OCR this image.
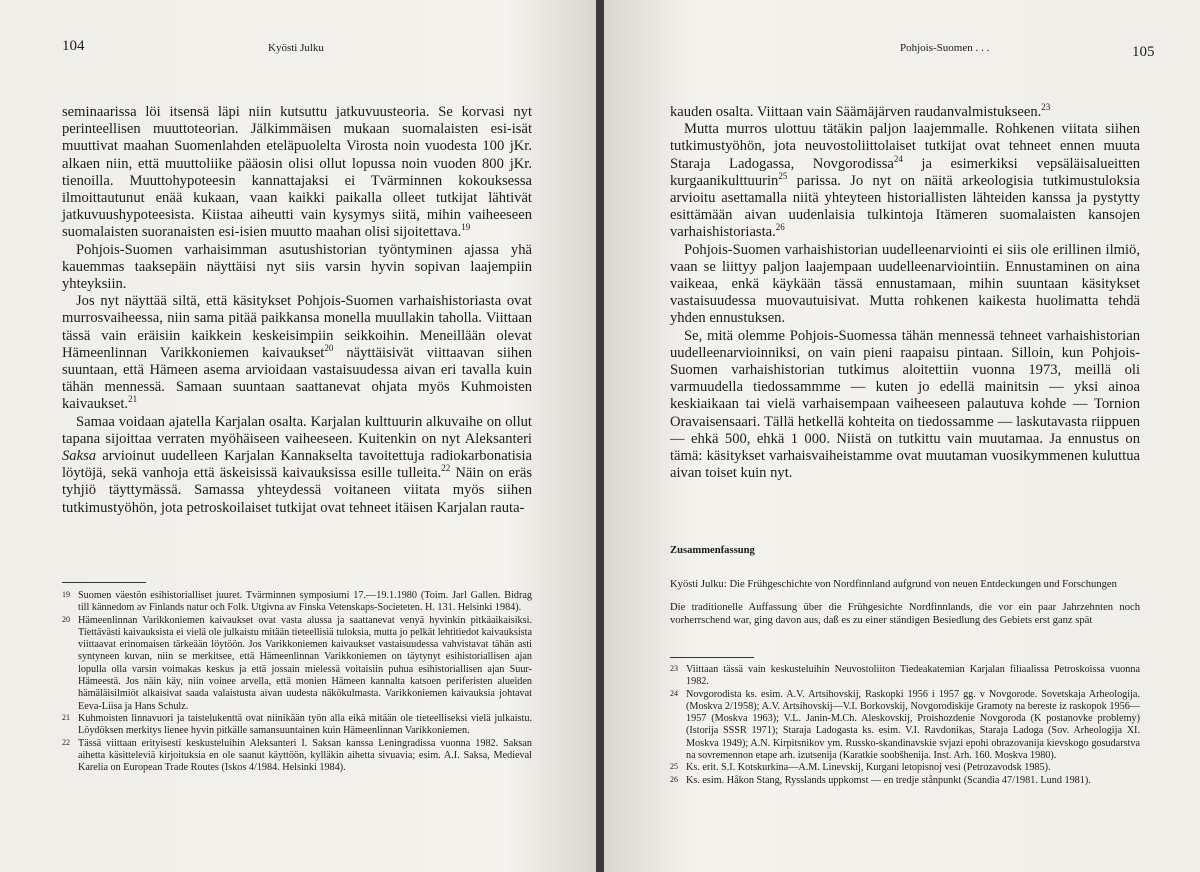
104	Kyösti Julku

seminaarissa löi itsensä läpi niin kutsuttu jatkuvuusteoria. Se korvasi nyt perinteellisen muuttoteorian. Jälkimmäisen mukaan suomalaisten esi-isät muuttivat maahan Suomenlahden eteläpuolelta Virosta noin vuodesta 100 jKr. alkaen niin, että muuttoliike pääosin olisi ollut lopussa noin vuoden 800 jKr. tienoilla. Muuttohypoteesin kannattajaksi ei Tvärminnen kokouksessa ilmoittautunut enää kukaan, vaan kaikki paikalla olleet tutkijat lähtivät jatkuvuushypoteesista. Kiistaa aiheutti vain kysymys siitä, mihin vaiheeseen suomalaisten suoranaisten esi-isien muutto maahan olisi sijoitettava.$^{19}$

Pohjois-Suomen varhaisimman asutushistorian työntyminen ajassa yhä kauemmas taaksepäin näyttäisi nyt siis varsin hyvin sopivan laajempiin yhteyksiin.

Jos nyt näyttää siltä, että käsitykset Pohjois-Suomen varhaishistoriasta ovat murrosvaiheessa, niin sama pitää paikkansa monella muullakin taholla. Viittaan tässä vain eräisiin kaikkein keskeisimpiin seikkoihin. Meneillään olevat Hämeenlinnan Varikkoniemen kaivaukset$^{20}$ näyttäisivät viittaavan siihen suuntaan, että Hämeen asema arvioidaan vastaisuudessa aivan eri tavalla kuin tähän mennessä. Samaan suuntaan saattanevat ohjata myös Kuhmoisten kaivaukset.$^{21}$

Samaa voidaan ajatella Karjalan osalta. Karjalan kulttuurin alkuvaihe on ollut tapana sijoittaa verraten myöhäiseen vaiheeseen. Kuitenkin on nyt Aleksanteri Saksa arvioinut uudelleen Karjalan Kannakselta tavoitettuja radiokarbonatisia löytöjä, sekä vanhoja että äskeisissä kaivauksissa esille tulleita.$^{22}$ Näin on eräs tyhjiö täyttymässä. Samassa yhteydessä voitaneen viitata myös siihen tutkimustyöhön, jota petroskoilaiset tutkijat ovat tehneet itäisen Karjalan rauta-

19 Suomen väestön esihistorialliset juuret. Tvärminnen symposiumi 17.—19.1.1980 (Toim. Jarl Gallen. Bidrag till kännedom av Finlands natur och Folk. Utgivna av Finska Vetenskaps-Societeten. H. 131. Helsinki 1984).
20 Hämeenlinnan Varikkoniemen kaivaukset ovat vasta alussa ja saattanevat venyä hyvinkin pitkäaikaisiksi. Tiettävästi kaivauksista ei vielä ole julkaistu mitään tieteellisiä tuloksia, mutta jo pelkät lehtitiedot kaivauksista viittaavat erinomaisen tärkeään löytöön. Jos Varikkoniemen kaivaukset vastaisuudessa vahvistavat tähän asti syntyneen kuvan, niin se merkitsee, että Hämeenlinnan Varikkoniemen on täytynyt esihistoriallisen ajan lopulla olla varsin voimakas keskus ja että jossain mielessä voitaisiin puhua esihistoriallisen ajan Suur-Hämeestä. Jos näin käy, niin voinee arvella, että monien Hämeen kannalta katsoen periferisten alueiden hämäläisilmiöt alkaisivat saada valaistusta aivan uudesta näkökulmasta. Varikkoniemen kaivauksia johtavat Eeva-Liisa ja Hans Schulz.
21 Kuhmoisten linnavuori ja taistelukenttä ovat niinikään työn alla eikä mitään ole tieteelliseksi vielä julkaistu. Löydöksen merkitys lienee hyvin pitkälle samansuuntainen kuin Hämeenlinnan Varikkoniemen.
22 Tässä viittaan erityisesti keskusteluihin Aleksanteri I. Saksan kanssa Leningradissa vuonna 1982. Saksan aihetta käsitteleviä kirjoituksia en ole saanut käyttöön, kylläkin aihetta sivuavia; esim. A.I. Saksa, Medieval Karelia on European Trade Routes (Iskos 4/1984. Helsinki 1984).
Pohjois-Suomen . . .	105

kauden osalta. Viittaan vain Säämäjärven raudanvalmistukseen.$^{23}$

Mutta murros ulottuu tätäkin paljon laajemmalle. Rohkenen viitata siihen tutkimustyöhön, jota neuvostoliittolaiset tutkijat ovat tehneet ennen muuta Staraja Ladogassa, Novgorodissa$^{24}$ ja esimerkiksi vepsäläisalueitten kurgaanikulttuurin$^{25}$ parissa. Jo nyt on näitä arkeologisia tutkimustuloksia arvioitu asettamalla niitä yhteyteen historiallisten lähteiden kanssa ja pystytty esittämään aivan uudenlaisia tulkintoja Itämeren suomalaisten kansojen varhaishistoriasta.$^{26}$

Pohjois-Suomen varhaishistorian uudelleenarviointi ei siis ole erillinen ilmiö, vaan se liittyy paljon laajempaan uudelleenarviointiin. Ennustaminen on aina vaikeaa, enkä käykään tässä ennustamaan, mihin suuntaan käsitykset vastaisuudessa muovautuisivat. Mutta rohkenen kaikesta huolimatta tehdä yhden ennustuksen.

Se, mitä olemme Pohjois-Suomessa tähän mennessä tehneet varhaishistorian uudelleenarvioinniksi, on vain pieni raapaisu pintaan. Silloin, kun Pohjois-Suomen varhaishistorian tutkimus aloitettiin vuonna 1973, meillä oli varmuudella tiedossammme — kuten jo edellä mainitsin — yksi ainoa keskiaikaan tai vielä varhaisempaan vaiheeseen palautuva kohde — Tornion Oravaisensaari. Tällä hetkellä kohteita on tiedossamme — laskutavasta riippuen — ehkä 500, ehkä 1 000. Niistä on tutkittu vain muutamaa. Ja ennustus on tämä: käsitykset varhaisvaiheistamme ovat muutaman vuosikymmenen kuluttua aivan toiset kuin nyt.

Zusammenfassung
Kyösti Julku: Die Frühgeschichte von Nordfinnland aufgrund von neuen Entdeckungen und Forschungen
Die traditionelle Auffassung über die Frühgesichte Nordfinnlands, die vor ein paar Jahrzehnten noch vorherrschend war, ging davon aus, daß es zu einer ständigen Besiedlung des Gebiets erst ganz spät
23 Viittaan tässä vain keskusteluihin Neuvostoliiton Tiedeakatemian Karjalan filiaalissa Petroskoissa vuonna 1982.
24 Novgorodista ks. esim. A.V. Artsihovskij, Raskopki 1956 i 1957 gg. v Novgorode. Sovetskaja Arheologija. (Moskva 2/1958); A.V. Artsihovskij—V.I. Borkovskij, Novgorodiskije Gramoty na bereste iz raskopok 1956—1957 (Moskva 1963); V.L. Janin-M.Ch. Aleskovskij, Proishozdenie Novgoroda (K postanovke problemy) (Istorija SSSR 1971); Staraja Ladogasta ks. esim. V.I. Ravdonikas, Staraja Ladoga (Sov. Arheologija XI. Moskva 1949); A.N. Kirpitsnikov ym. Russko-skandinavskie svjazi epohi obrazovanija kievskogo gosudarstva na sovremennon etape arh. izutsenija (Karatkie soobšhenija. Inst. Arh. 160. Moskva 1980).
25 Ks. erit. S.I. Kotskurkina—A.M. Linevskij, Kurgani letopisnoj vesi (Petrozavodsk 1985).
26 Ks. esim. Håkon Stang, Rysslands uppkomst — en tredje stånpunkt (Scandia 47/1981. Lund 1981).
